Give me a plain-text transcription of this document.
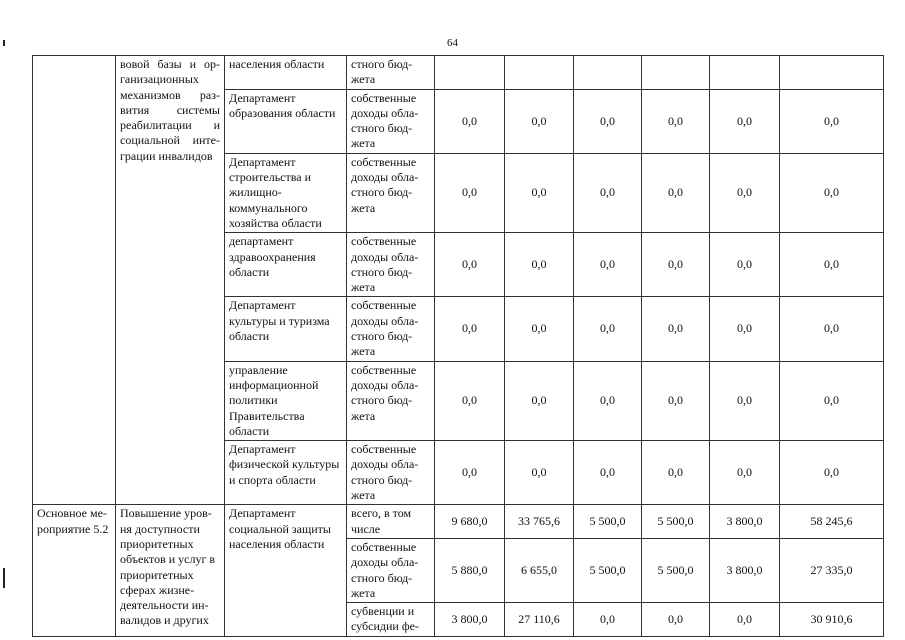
64
	вовой базы и ор-ганизационных механизмов раз-вития системы реабилитации и социальной инте-грации инвалидов	населения области	стного бюд-жета						
		Департамент образования области	собственные доходы обла-стного бюд-жета	0,0	0,0	0,0	0,0	0,0	0,0
		Департамент строительства и жилищно-коммунального хозяйства области	собственные доходы обла-стного бюд-жета	0,0	0,0	0,0	0,0	0,0	0,0
		департамент здравоохранения области	собственные доходы обла-стного бюд-жета	0,0	0,0	0,0	0,0	0,0	0,0
		Департамент культуры и туризма области	собственные доходы обла-стного бюд-жета	0,0	0,0	0,0	0,0	0,0	0,0
		управление информационной политики Правительства области	собственные доходы обла-стного бюд-жета	0,0	0,0	0,0	0,0	0,0	0,0
		Департамент физической культуры и спорта области	собственные доходы обла-стного бюд-жета	0,0	0,0	0,0	0,0	0,0	0,0
Основное ме-роприятие 5.2	Повышение уров-ня доступности приоритетных объектов и услуг в приоритетных сферах жизне-деятельности ин-валидов и других	Департамент социальной защиты населения области	всего, в том числе	9 680,0	33 765,6	5 500,0	5 500,0	3 800,0	58 245,6
			собственные доходы обла-стного бюд-жета	5 880,0	6 655,0	5 500,0	5 500,0	3 800,0	27 335,0
			субвенции и субсидии фе-	3 800,0	27 110,6	0,0	0,0	0,0	30 910,6
